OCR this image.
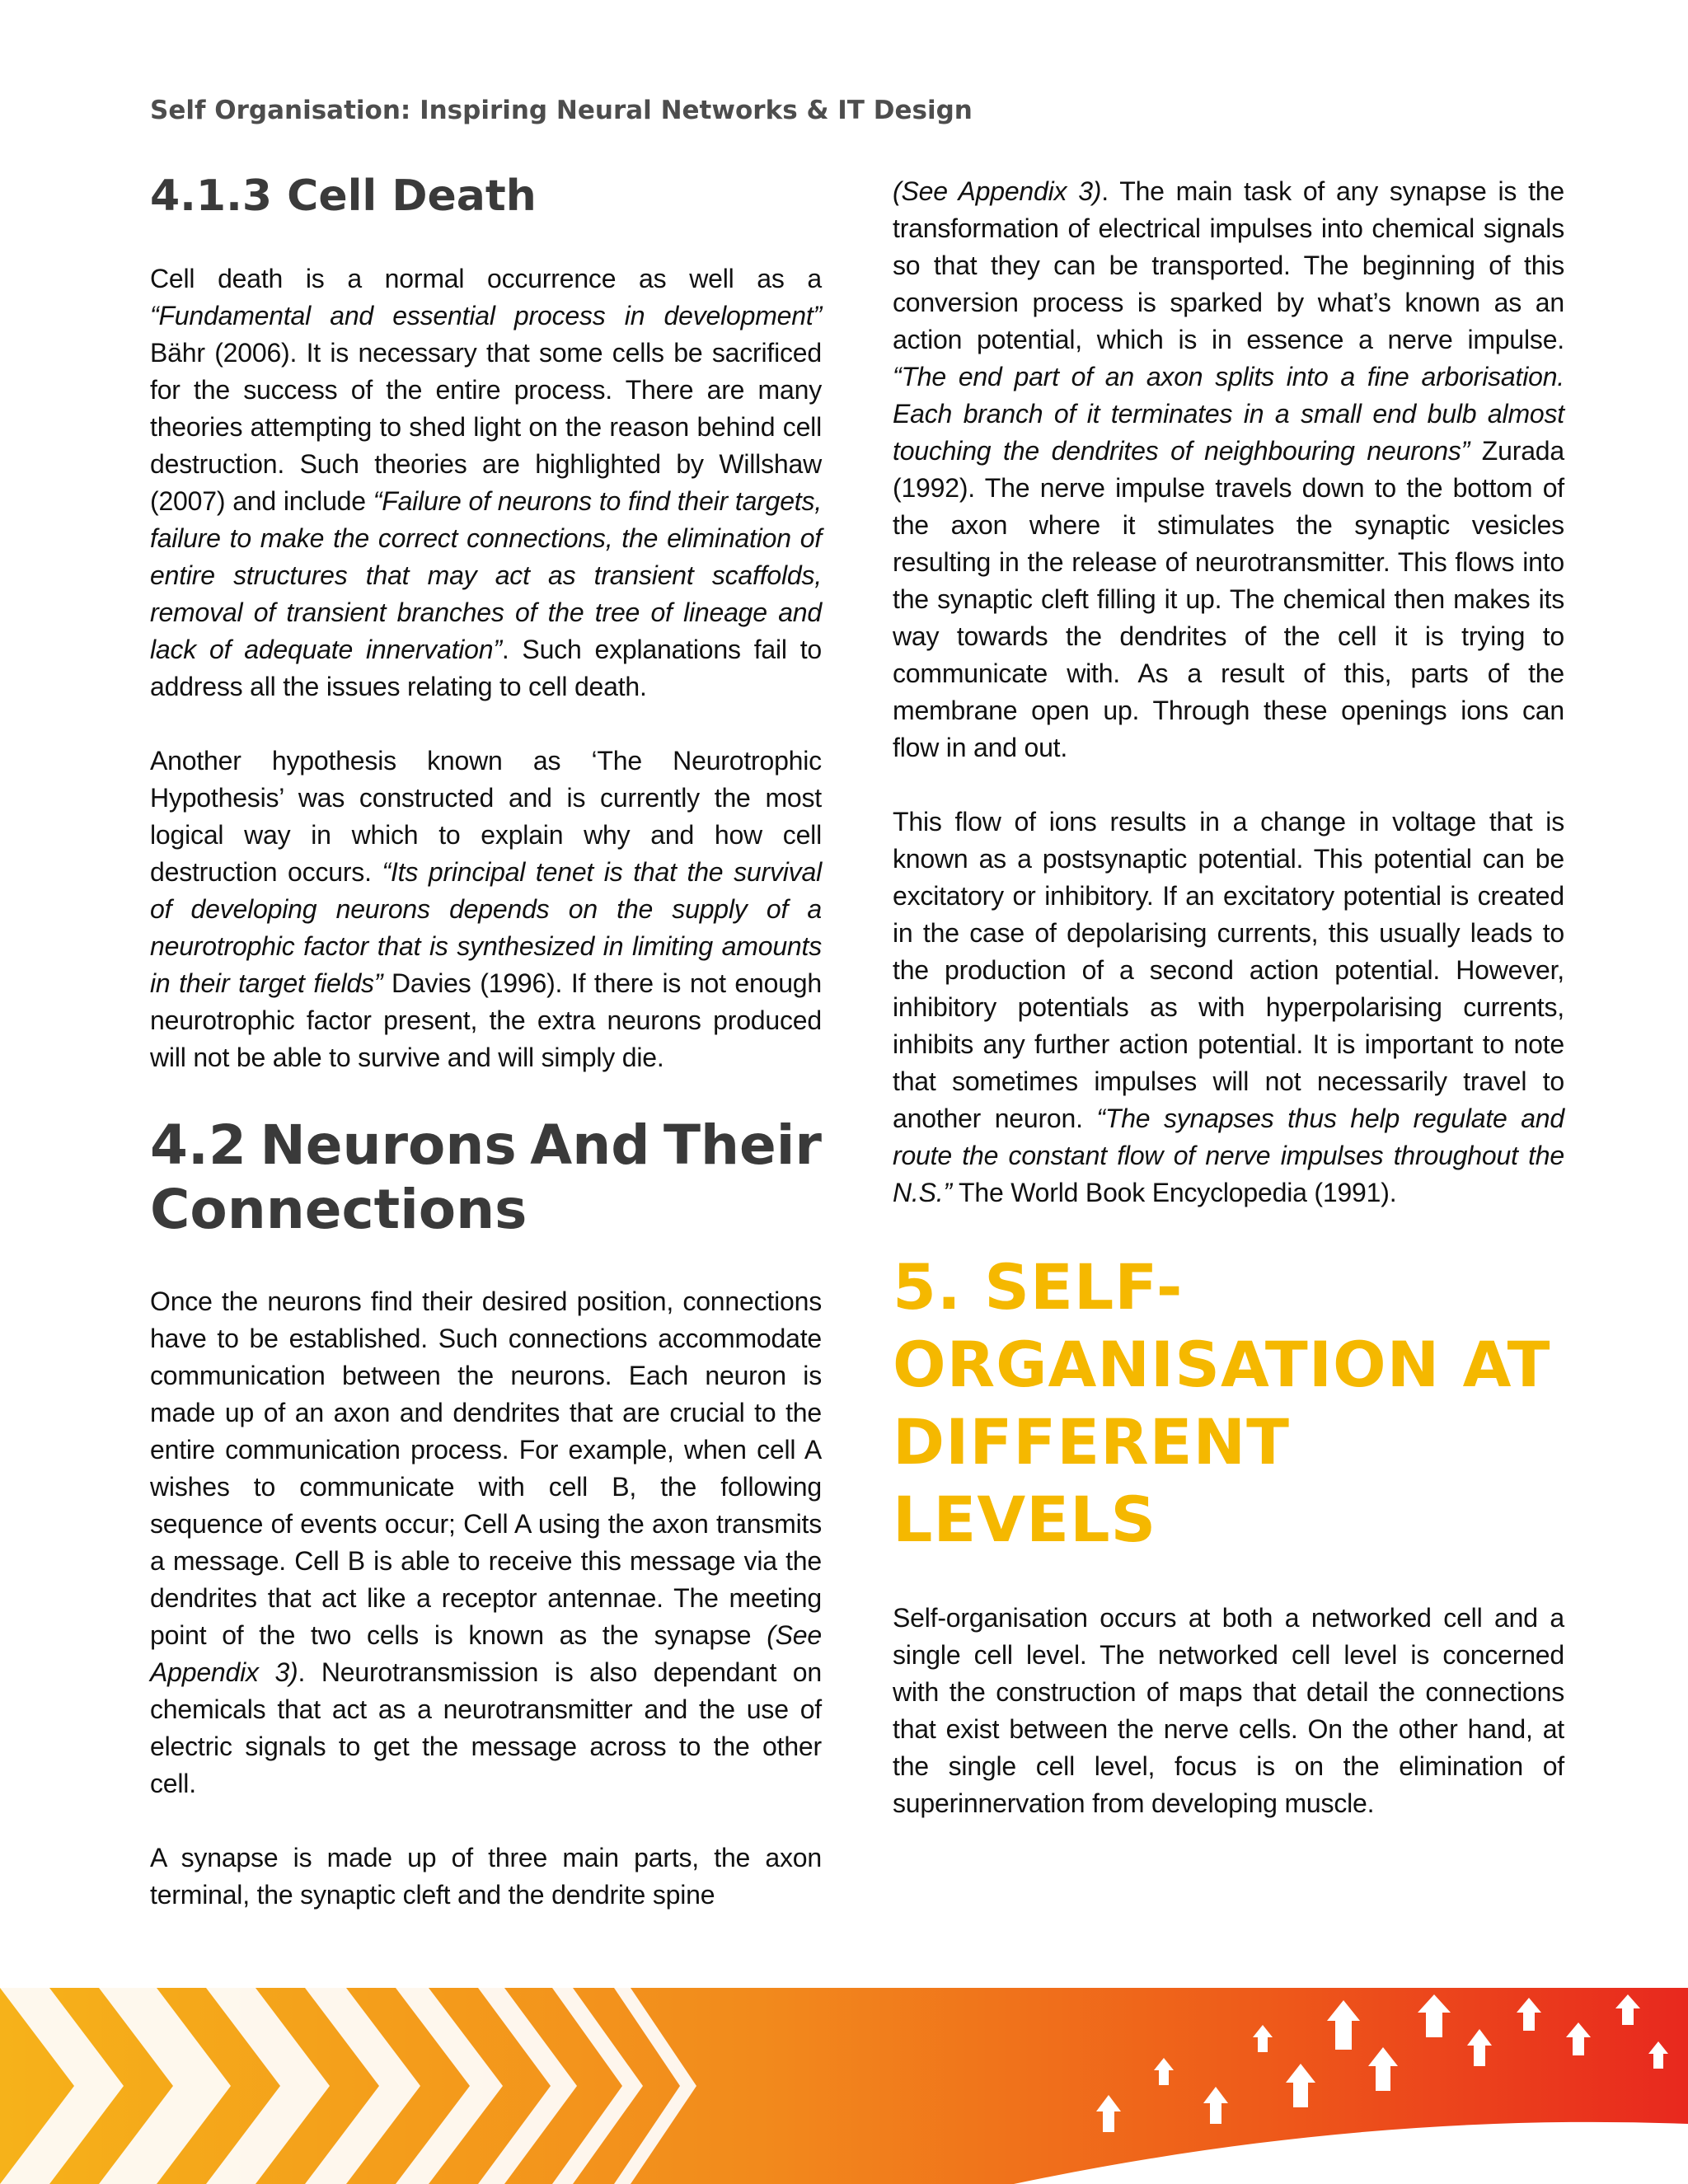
Self Organisation: Inspiring Neural Networks & IT Design
4.1.3 Cell Death

Cell death is a normal occurrence as well as a “Fundamental and essential process in development” Bähr (2006). It is necessary that some cells be sacrificed for the success of the entire process. There are many theories attempting to shed light on the reason behind cell destruction. Such theories are highlighted by Willshaw (2007) and include “Failure of neurons to find their targets, failure to make the correct connections, the elimination of entire structures that may act as transient scaffolds, removal of transient branches of the tree of lineage and lack of adequate innervation”. Such explanations fail to address all the issues relating to cell death.

Another hypothesis known as ‘The Neurotrophic Hypothesis’ was constructed and is currently the most logical way in which to explain why and how cell destruction occurs. “Its principal tenet is that the survival of developing neurons depends on the supply of a neurotrophic factor that is synthesized in limiting amounts in their target fields” Davies (1996). If there is not enough neurotrophic factor present, the extra neurons produced will not be able to survive and will simply die.

4.2 Neurons And Their
Connections

Once the neurons find their desired position, connections have to be established. Such connections accommodate communication between the neurons. Each neuron is made up of an axon and dendrites that are crucial to the entire communication process. For example, when cell A wishes to communicate with cell B, the following sequence of events occur; Cell A using the axon transmits a message. Cell B is able to receive this message via the dendrites that act like a receptor antennae. The meeting point of the two cells is known as the synapse (See Appendix 3). Neurotransmission is also dependant on chemicals that act as a neurotransmitter and the use of electric signals to get the message across to the other cell.

A synapse is made up of three main parts, the axon terminal, the synaptic cleft and the dendrite spine

(See Appendix 3). The main task of any synapse is the transformation of electrical impulses into chemical signals so that they can be transported. The beginning of this conversion process is sparked by what’s known as an action potential, which is in essence a nerve impulse. “The end part of an axon splits into a fine arborisation. Each branch of it terminates in a small end bulb almost touching the dendrites of neighbouring neurons” Zurada (1992). The nerve impulse travels down to the bottom of the axon where it stimulates the synaptic vesicles resulting in the release of neurotransmitter. This flows into the synaptic cleft filling it up. The chemical then makes its way towards the dendrites of the cell it is trying to communicate with. As a result of this, parts of the membrane open up. Through these openings ions can flow in and out.

This flow of ions results in a change in voltage that is known as a postsynaptic potential. This potential can be excitatory or inhibitory. If an excitatory potential is created in the case of depolarising currents, this usually leads to the production of a second action potential. However, inhibitory potentials as with hyperpolarising currents, inhibits any further action potential. It is important to note that sometimes impulses will not necessarily travel to another neuron. “The synapses thus help regulate and route the constant flow of nerve impulses throughout the N.S.” The World Book Encyclopedia (1991).

5. SELF-
ORGANISATION AT
DIFFERENT LEVELS

Self-organisation occurs at both a networked cell and a single cell level. The networked cell level is concerned with the construction of maps that detail the connections that exist between the nerve cells. On the other hand, at the single cell level, focus is on the elimination of superinnervation from developing muscle.
